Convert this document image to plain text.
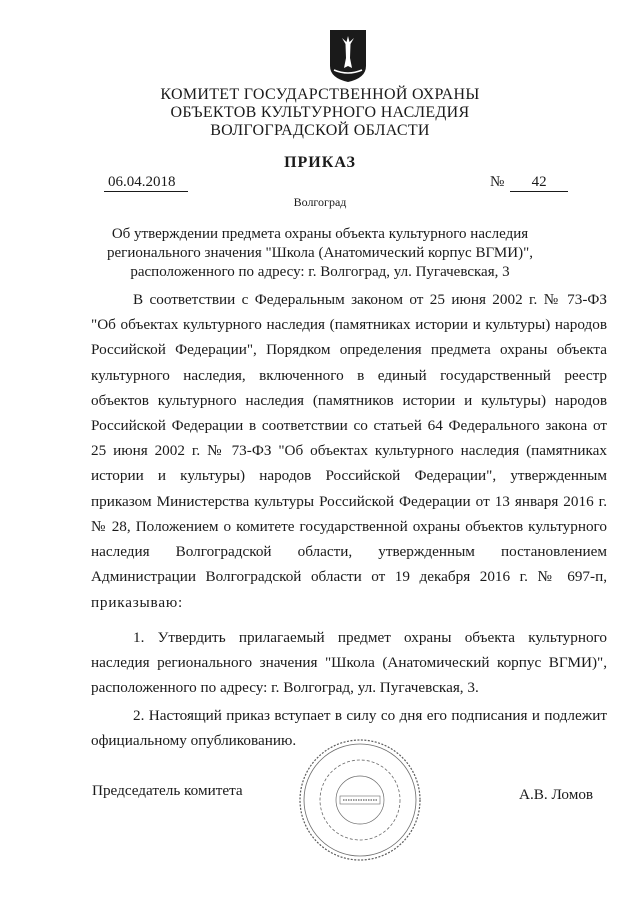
КОМИТЕТ ГОСУДАРСТВЕННОЙ ОХРАНЫ
ОБЪЕКТОВ КУЛЬТУРНОГО НАСЛЕДИЯ
ВОЛГОГРАДСКОЙ ОБЛАСТИ
ПРИКАЗ
06.04.2018	№ 42
Волгоград
Об утверждении предмета охраны объекта культурного наследия
регионального значения "Школа (Анатомический корпус ВГМИ)",
расположенного по адресу: г. Волгоград, ул. Пугачевская, 3
В соответствии с Федеральным законом от 25 июня 2002 г. № 73-ФЗ
"Об объектах культурного наследия (памятниках истории и культуры) народов
Российской Федерации", Порядком определения предмета охраны объекта
культурного наследия, включенного в единый государственный реестр
объектов культурного наследия (памятников истории и культуры) народов
Российской Федерации в соответствии со статьей 64 Федерального закона от
25 июня 2002 г. № 73-ФЗ "Об объектах культурного наследия (памятниках
истории и культуры) народов Российской Федерации", утвержденным
приказом Министерства культуры Российской Федерации от 13 января 2016 г.
№ 28, Положением о комитете государственной охраны объектов культурного
наследия Волгоградской области, утвержденным постановлением
Администрации Волгоградской области от 19 декабря 2016 г. № 697-п,
приказываю:
1. Утвердить прилагаемый предмет охраны объекта культурного
наследия регионального значения "Школа (Анатомический корпус ВГМИ)",
расположенного по адресу: г. Волгоград, ул. Пугачевская, 3.
2. Настоящий приказ вступает в силу со дня его подписания и подлежит
официальному опубликованию.
Председатель комитета	А.В. Ломов
